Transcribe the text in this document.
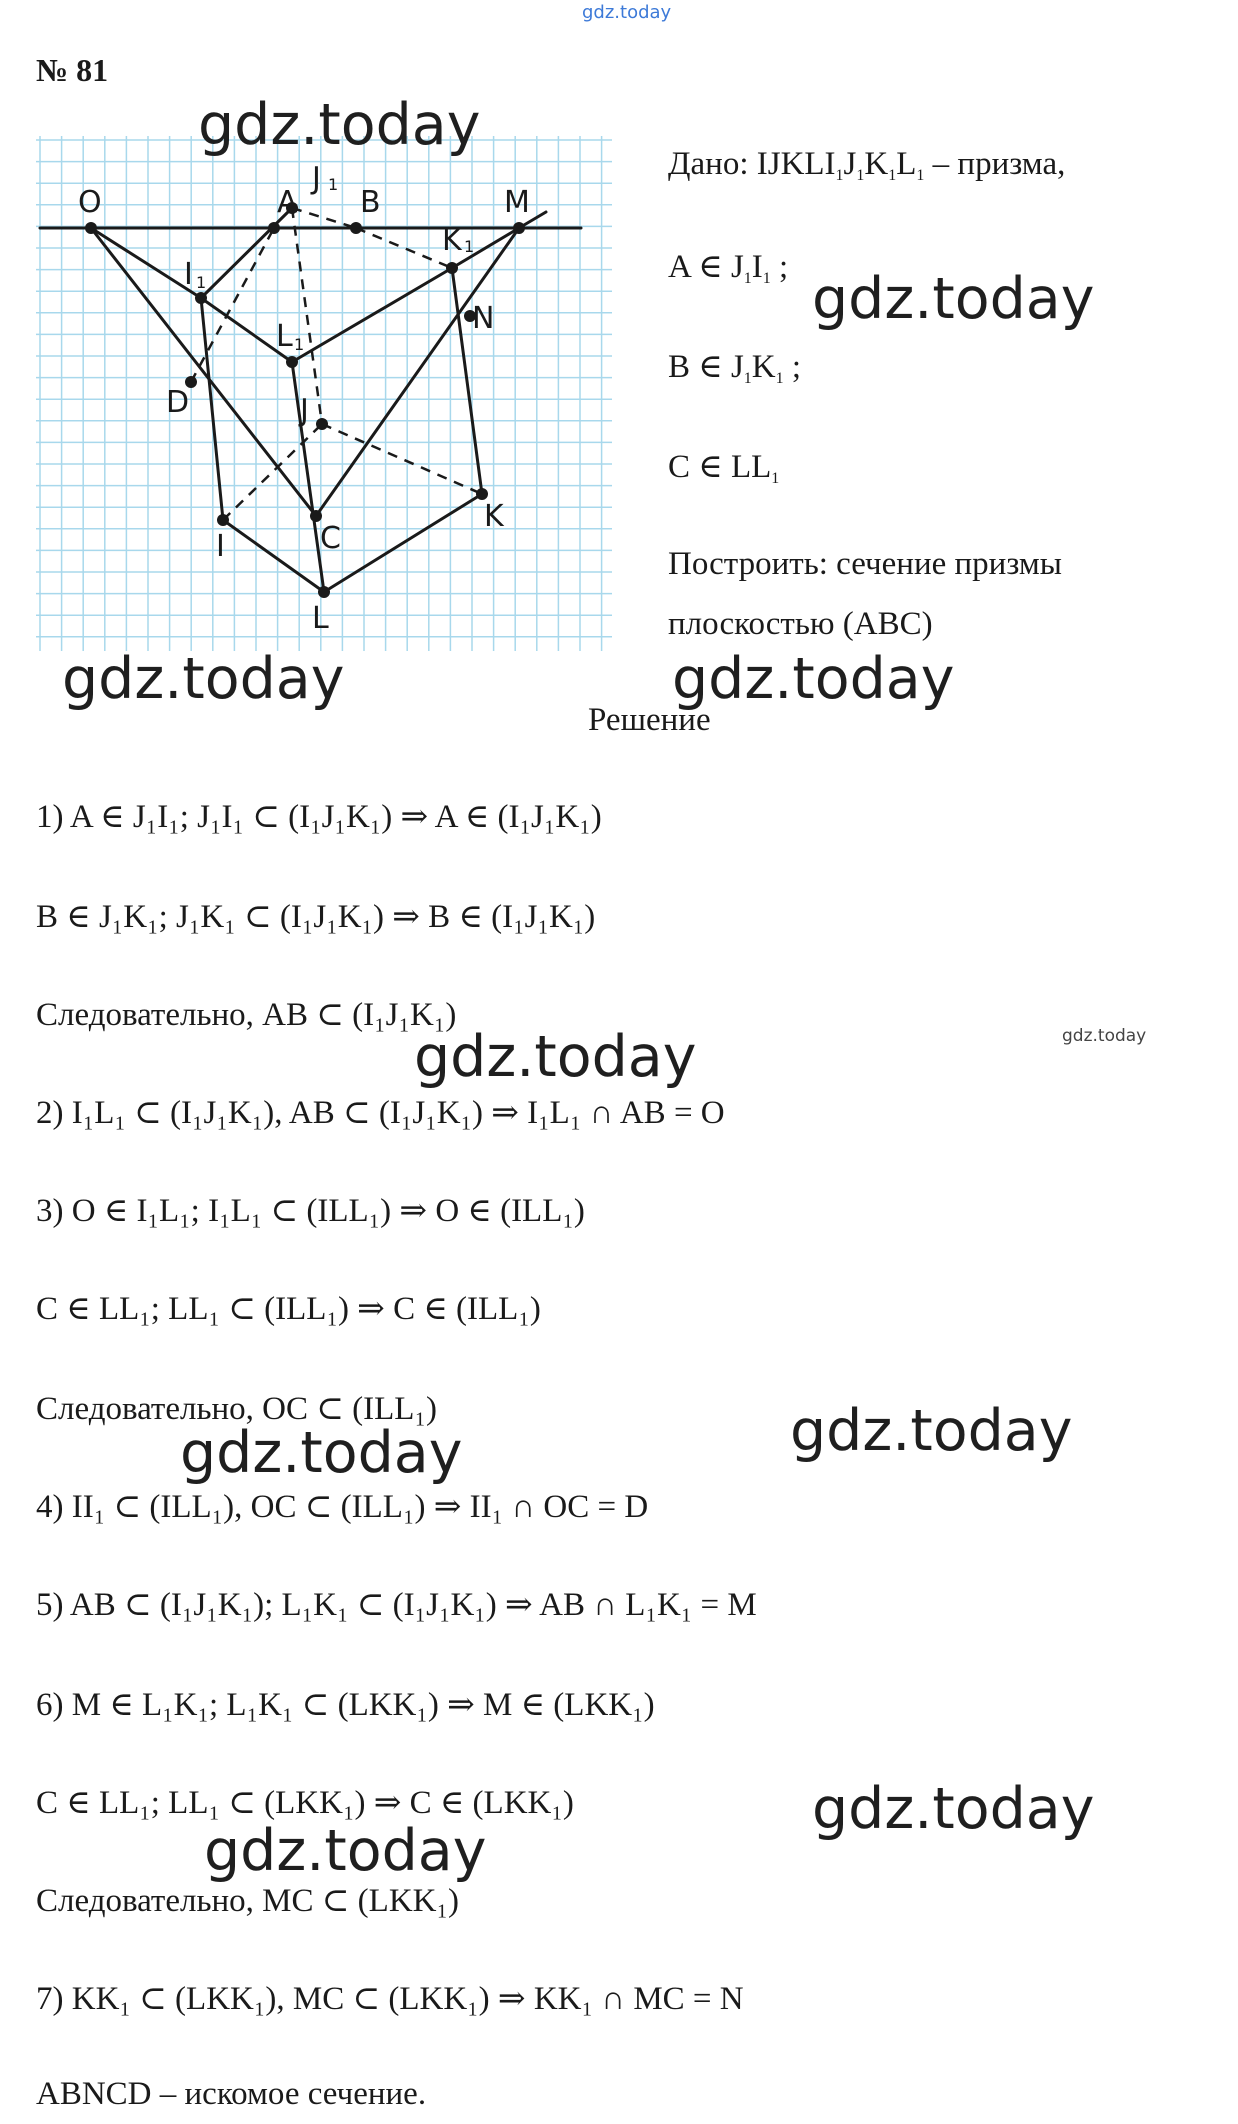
gdz.today
№ 81
O	A
J 1
B
K 1
M
I 1
N
L 1
D	J
K
I	C
L
Дано: $IJKLI_1J_1K_1L_1$ – призма,
A ∈ $J_1I_1$ ;
B ∈ $J_1K_1$ ;
C ∈ $LL_1$
Построить: сечение призмы
плоскостью (ABC)
Решение
1) A ∈ J₁I₁; J₁I₁ ⊂ (I₁J₁K₁) ⇒ A ∈ (I₁J₁K₁)
B ∈ J₁K₁; J₁K₁ ⊂ (I₁J₁K₁) ⇒ B ∈ (I₁J₁K₁)
Следовательно, AB ⊂ (I₁J₁K₁)
2) I₁L₁ ⊂ (I₁J₁K₁), AB ⊂ (I₁J₁K₁) ⇒ I₁L₁ ∩ AB = O
3) O ∈ I₁L₁; I₁L₁ ⊂ (ILL₁) ⇒ O ∈ (ILL₁)
C ∈ LL₁; LL₁ ⊂ (ILL₁) ⇒ C ∈ (ILL₁)
Следовательно, OC ⊂ (ILL₁)
4) II₁ ⊂ (ILL₁), OC ⊂ (ILL₁) ⇒ II₁ ∩ OC = D
5) AB ⊂ (I₁J₁K₁); L₁K₁ ⊂ (I₁J₁K₁) ⇒ AB ∩ L₁K₁ = M
6) M ∈ L₁K₁; L₁K₁ ⊂ (LKK₁) ⇒ M ∈ (LKK₁)
C ∈ LL₁; LL₁ ⊂ (LKK₁) ⇒ C ∈ (LKK₁)
Следовательно, MC ⊂ (LKK₁)
7) KK₁ ⊂ (LKK₁), MC ⊂ (LKK₁) ⇒ KK₁ ∩ MC = N
ABNCD – искомое сечение.
gdz.today
gdz.today
gdz.today	gdz.today
gdz.today
gdz.today
gdz.today
gdz.today
gdz.today
gdz.today
